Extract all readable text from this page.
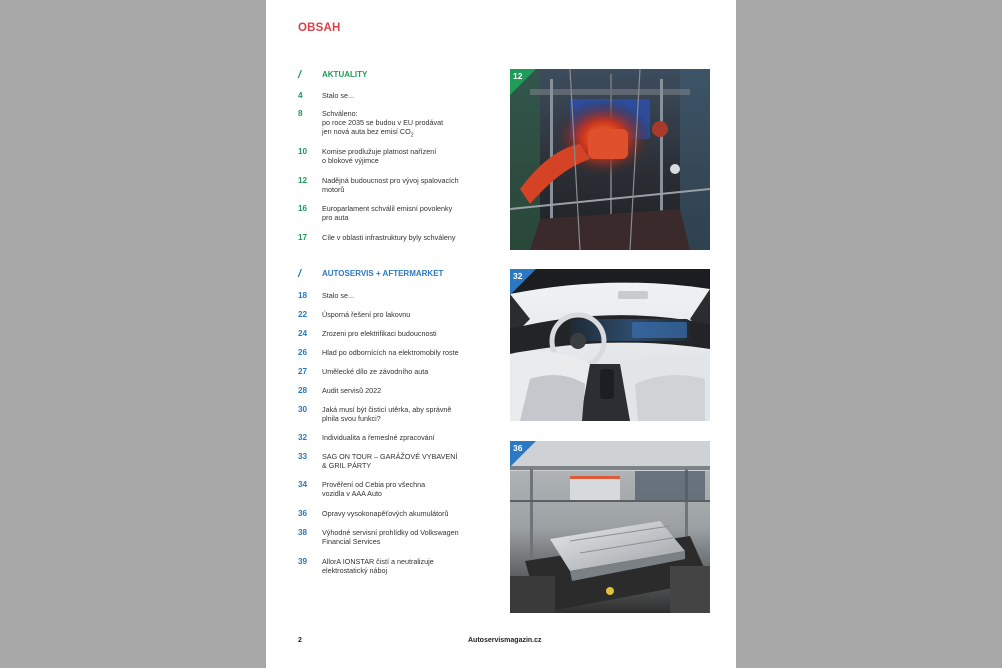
OBSAH
/	AKTUALITY
4	Stalo se...
8	Schváleno:
po roce 2035 se budou v EU prodávat
jen nová auta bez emisí $CO_2$
10	Komise prodlužuje platnost nařízení
o blokové výjimce
12	Nadějná budoucnost pro vývoj spalovacích
motorů
16	Europarlament schválil emisní povolenky
pro auta
17	Cíle v oblasti infrastruktury byly schváleny
/	AUTOSERVIS + AFTERMARKET
18	Stalo se...
22	Úsporná řešení pro lakovnu
24	Zrozeni pro elektrifikaci budoucnosti
26	Hlad po odbornících na elektromobily roste
27	Umělecké dílo ze závodního auta
28	Audit servisů 2022
30	Jaká musí být čisticí utěrka, aby správně
plnila svou funkci?
32	Individualita a řemeslné zpracování
33	SAG ON TOUR – GARÁŽOVÉ VYBAVENÍ
& GRIL PÁRTY
34	Prověření od Cebia pro všechna
vozidla v AAA Auto
36	Opravy vysokonapěťových akumulátorů
38	Výhodné servisní prohlídky od Volkswagen
Financial Services
39	AllorA IONSTAR čistí a neutralizuje
elektrostatický náboj
12
32
36
2	Autoservismagazin.cz
